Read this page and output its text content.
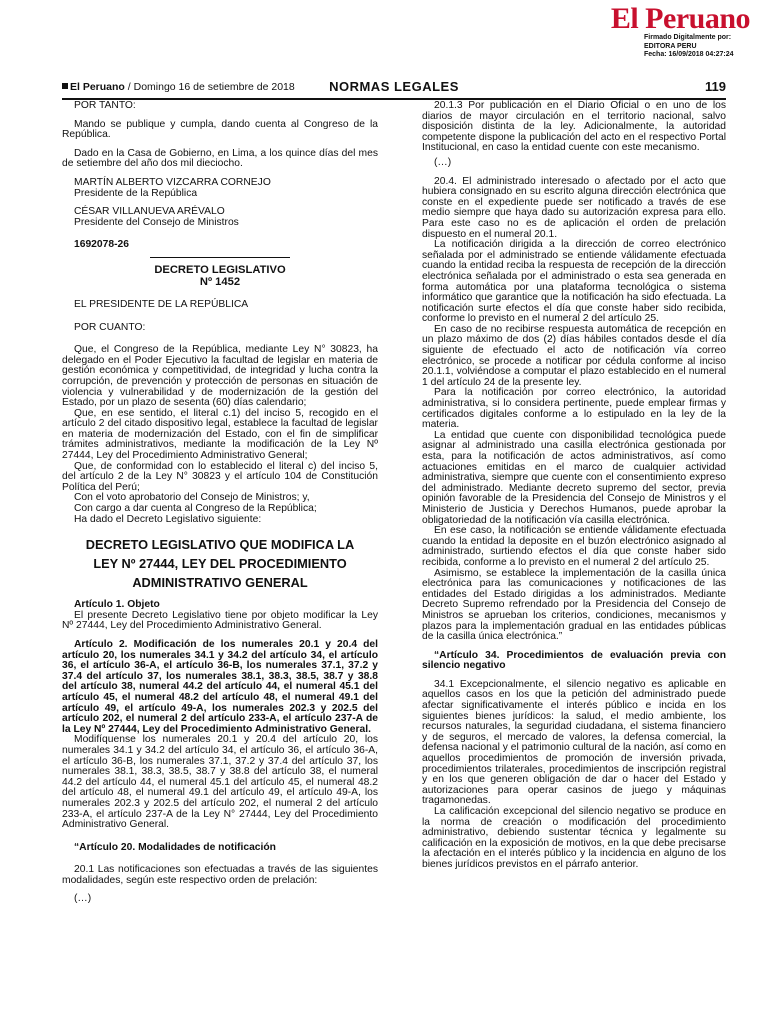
El Peruano
Firmado Digitalmente por:
EDITORA PERU
Fecha: 16/09/2018 04:27:24
El Peruano / Domingo 16 de setiembre de 2018	NORMAS LEGALES	119

POR TANTO:

Mando se publique y cumpla, dando cuenta al Congreso de la República.

Dado en la Casa de Gobierno, en Lima, a los quince días del mes de setiembre del año dos mil dieciocho.

MARTÍN ALBERTO VIZCARRA CORNEJO

Presidente de la República

CÉSAR VILLANUEVA ARÉVALO

Presidente del Consejo de Ministros

1692078-26

DECRETO LEGISLATIVO
Nº 1452

EL PRESIDENTE DE LA REPÚBLICA

POR CUANTO:

Que, el Congreso de la República, mediante Ley N° 30823, ha delegado en el Poder Ejecutivo la facultad de legislar en materia de gestión económica y competitividad, de integridad y lucha contra la corrupción, de prevención y protección de personas en situación de violencia y vulnerabilidad y de modernización de la gestión del Estado, por un plazo de sesenta (60) días calendario;

Que, en ese sentido, el literal c.1) del inciso 5, recogido en el artículo 2 del citado dispositivo legal, establece la facultad de legislar en materia de modernización del Estado, con el fin de simplificar trámites administrativos, mediante la modificación de la Ley Nº 27444, Ley del Procedimiento Administrativo General;

Que, de conformidad con lo establecido el literal c) del inciso 5, del artículo 2 de la Ley N° 30823 y el artículo 104 de Constitución Política del Perú;

Con el voto aprobatorio del Consejo de Ministros; y,

Con cargo a dar cuenta al Congreso de la República;

Ha dado el Decreto Legislativo siguiente:

DECRETO LEGISLATIVO QUE MODIFICA LA
LEY Nº 27444, LEY DEL PROCEDIMIENTO
ADMINISTRATIVO GENERAL

Artículo 1. Objeto

El presente Decreto Legislativo tiene por objeto modificar la Ley Nº 27444, Ley del Procedimiento Administrativo General.

Artículo 2. Modificación de los numerales 20.1 y 20.4 del artículo 20, los numerales 34.1 y 34.2 del artículo 34, el artículo 36, el artículo 36-A, el artículo 36-B, los numerales 37.1, 37.2 y 37.4 del artículo 37, los numerales 38.1, 38.3, 38.5, 38.7 y 38.8 del artículo 38, numeral 44.2 del artículo 44, el numeral 45.1 del artículo 45, el numeral 48.2 del artículo 48, el numeral 49.1 del artículo 49, el artículo 49-A, los numerales 202.3 y 202.5 del artículo 202, el numeral 2 del artículo 233-A, el artículo 237-A de la Ley Nº 27444, Ley del Procedimiento Administrativo General.

Modifíquense los numerales 20.1 y 20.4 del artículo 20, los numerales 34.1 y 34.2 del artículo 34, el artículo 36, el artículo 36-A, el artículo 36-B, los numerales 37.1, 37.2 y 37.4 del artículo 37, los numerales 38.1, 38.3, 38.5, 38.7 y 38.8 del artículo 38, el numeral 44.2 del artículo 44, el numeral 45.1 del artículo 45, el numeral 48.2 del artículo 48, el numeral 49.1 del artículo 49, el artículo 49-A, los numerales 202.3 y 202.5 del artículo 202, el numeral 2 del artículo 233-A, el artículo 237-A de la Ley N° 27444, Ley del Procedimiento Administrativo General.

“Artículo 20. Modalidades de notificación

20.1 Las notificaciones son efectuadas a través de las siguientes modalidades, según este respectivo orden de prelación:

(…)

20.1.3 Por publicación en el Diario Oficial o en uno de los diarios de mayor circulación en el territorio nacional, salvo disposición distinta de la ley. Adicionalmente, la autoridad competente dispone la publicación del acto en el respectivo Portal Institucional, en caso la entidad cuente con este mecanismo.

(…)

20.4. El administrado interesado o afectado por el acto que hubiera consignado en su escrito alguna dirección electrónica que conste en el expediente puede ser notificado a través de ese medio siempre que haya dado su autorización expresa para ello. Para este caso no es de aplicación el orden de prelación dispuesto en el numeral 20.1.

La notificación dirigida a la dirección de correo electrónico señalada por el administrado se entiende válidamente efectuada cuando la entidad reciba la respuesta de recepción de la dirección electrónica señalada por el administrado o esta sea generada en forma automática por una plataforma tecnológica o sistema informático que garantice que la notificación ha sido efectuada. La notificación surte efectos el día que conste haber sido recibida, conforme lo previsto en el numeral 2 del artículo 25.

En caso de no recibirse respuesta automática de recepción en un plazo máximo de dos (2) días hábiles contados desde el día siguiente de efectuado el acto de notificación vía correo electrónico, se procede a notificar por cédula conforme al inciso 20.1.1, volviéndose a computar el plazo establecido en el numeral 1 del artículo 24 de la presente ley.

Para la notificación por correo electrónico, la autoridad administrativa, si lo considera pertinente, puede emplear firmas y certificados digitales conforme a lo estipulado en la ley de la materia.

La entidad que cuente con disponibilidad tecnológica puede asignar al administrado una casilla electrónica gestionada por esta, para la notificación de actos administrativos, así como actuaciones emitidas en el marco de cualquier actividad administrativa, siempre que cuente con el consentimiento expreso del administrado. Mediante decreto supremo del sector, previa opinión favorable de la Presidencia del Consejo de Ministros y el Ministerio de Justicia y Derechos Humanos, puede aprobar la obligatoriedad de la notificación vía casilla electrónica.

En ese caso, la notificación se entiende válidamente efectuada cuando la entidad la deposite en el buzón electrónico asignado al administrado, surtiendo efectos el día que conste haber sido recibida, conforme a lo previsto en el numeral 2 del artículo 25.

Asimismo, se establece la implementación de la casilla única electrónica para las comunicaciones y notificaciones de las entidades del Estado dirigidas a los administrados. Mediante Decreto Supremo refrendado por la Presidencia del Consejo de Ministros se aprueban los criterios, condiciones, mecanismos y plazos para la implementación gradual en las entidades públicas de la casilla única electrónica.”

“Artículo 34. Procedimientos de evaluación previa con silencio negativo

34.1 Excepcionalmente, el silencio negativo es aplicable en aquellos casos en los que la petición del administrado puede afectar significativamente el interés público e incida en los siguientes bienes jurídicos: la salud, el medio ambiente, los recursos naturales, la seguridad ciudadana, el sistema financiero y de seguros, el mercado de valores, la defensa comercial, la defensa nacional y el patrimonio cultural de la nación, así como en aquellos procedimientos de promoción de inversión privada, procedimientos trilaterales, procedimientos de inscripción registral y en los que generen obligación de dar o hacer del Estado y autorizaciones para operar casinos de juego y máquinas tragamonedas.

La calificación excepcional del silencio negativo se produce en la norma de creación o modificación del procedimiento administrativo, debiendo sustentar técnica y legalmente su calificación en la exposición de motivos, en la que debe precisarse la afectación en el interés público y la incidencia en alguno de los bienes jurídicos previstos en el párrafo anterior.
